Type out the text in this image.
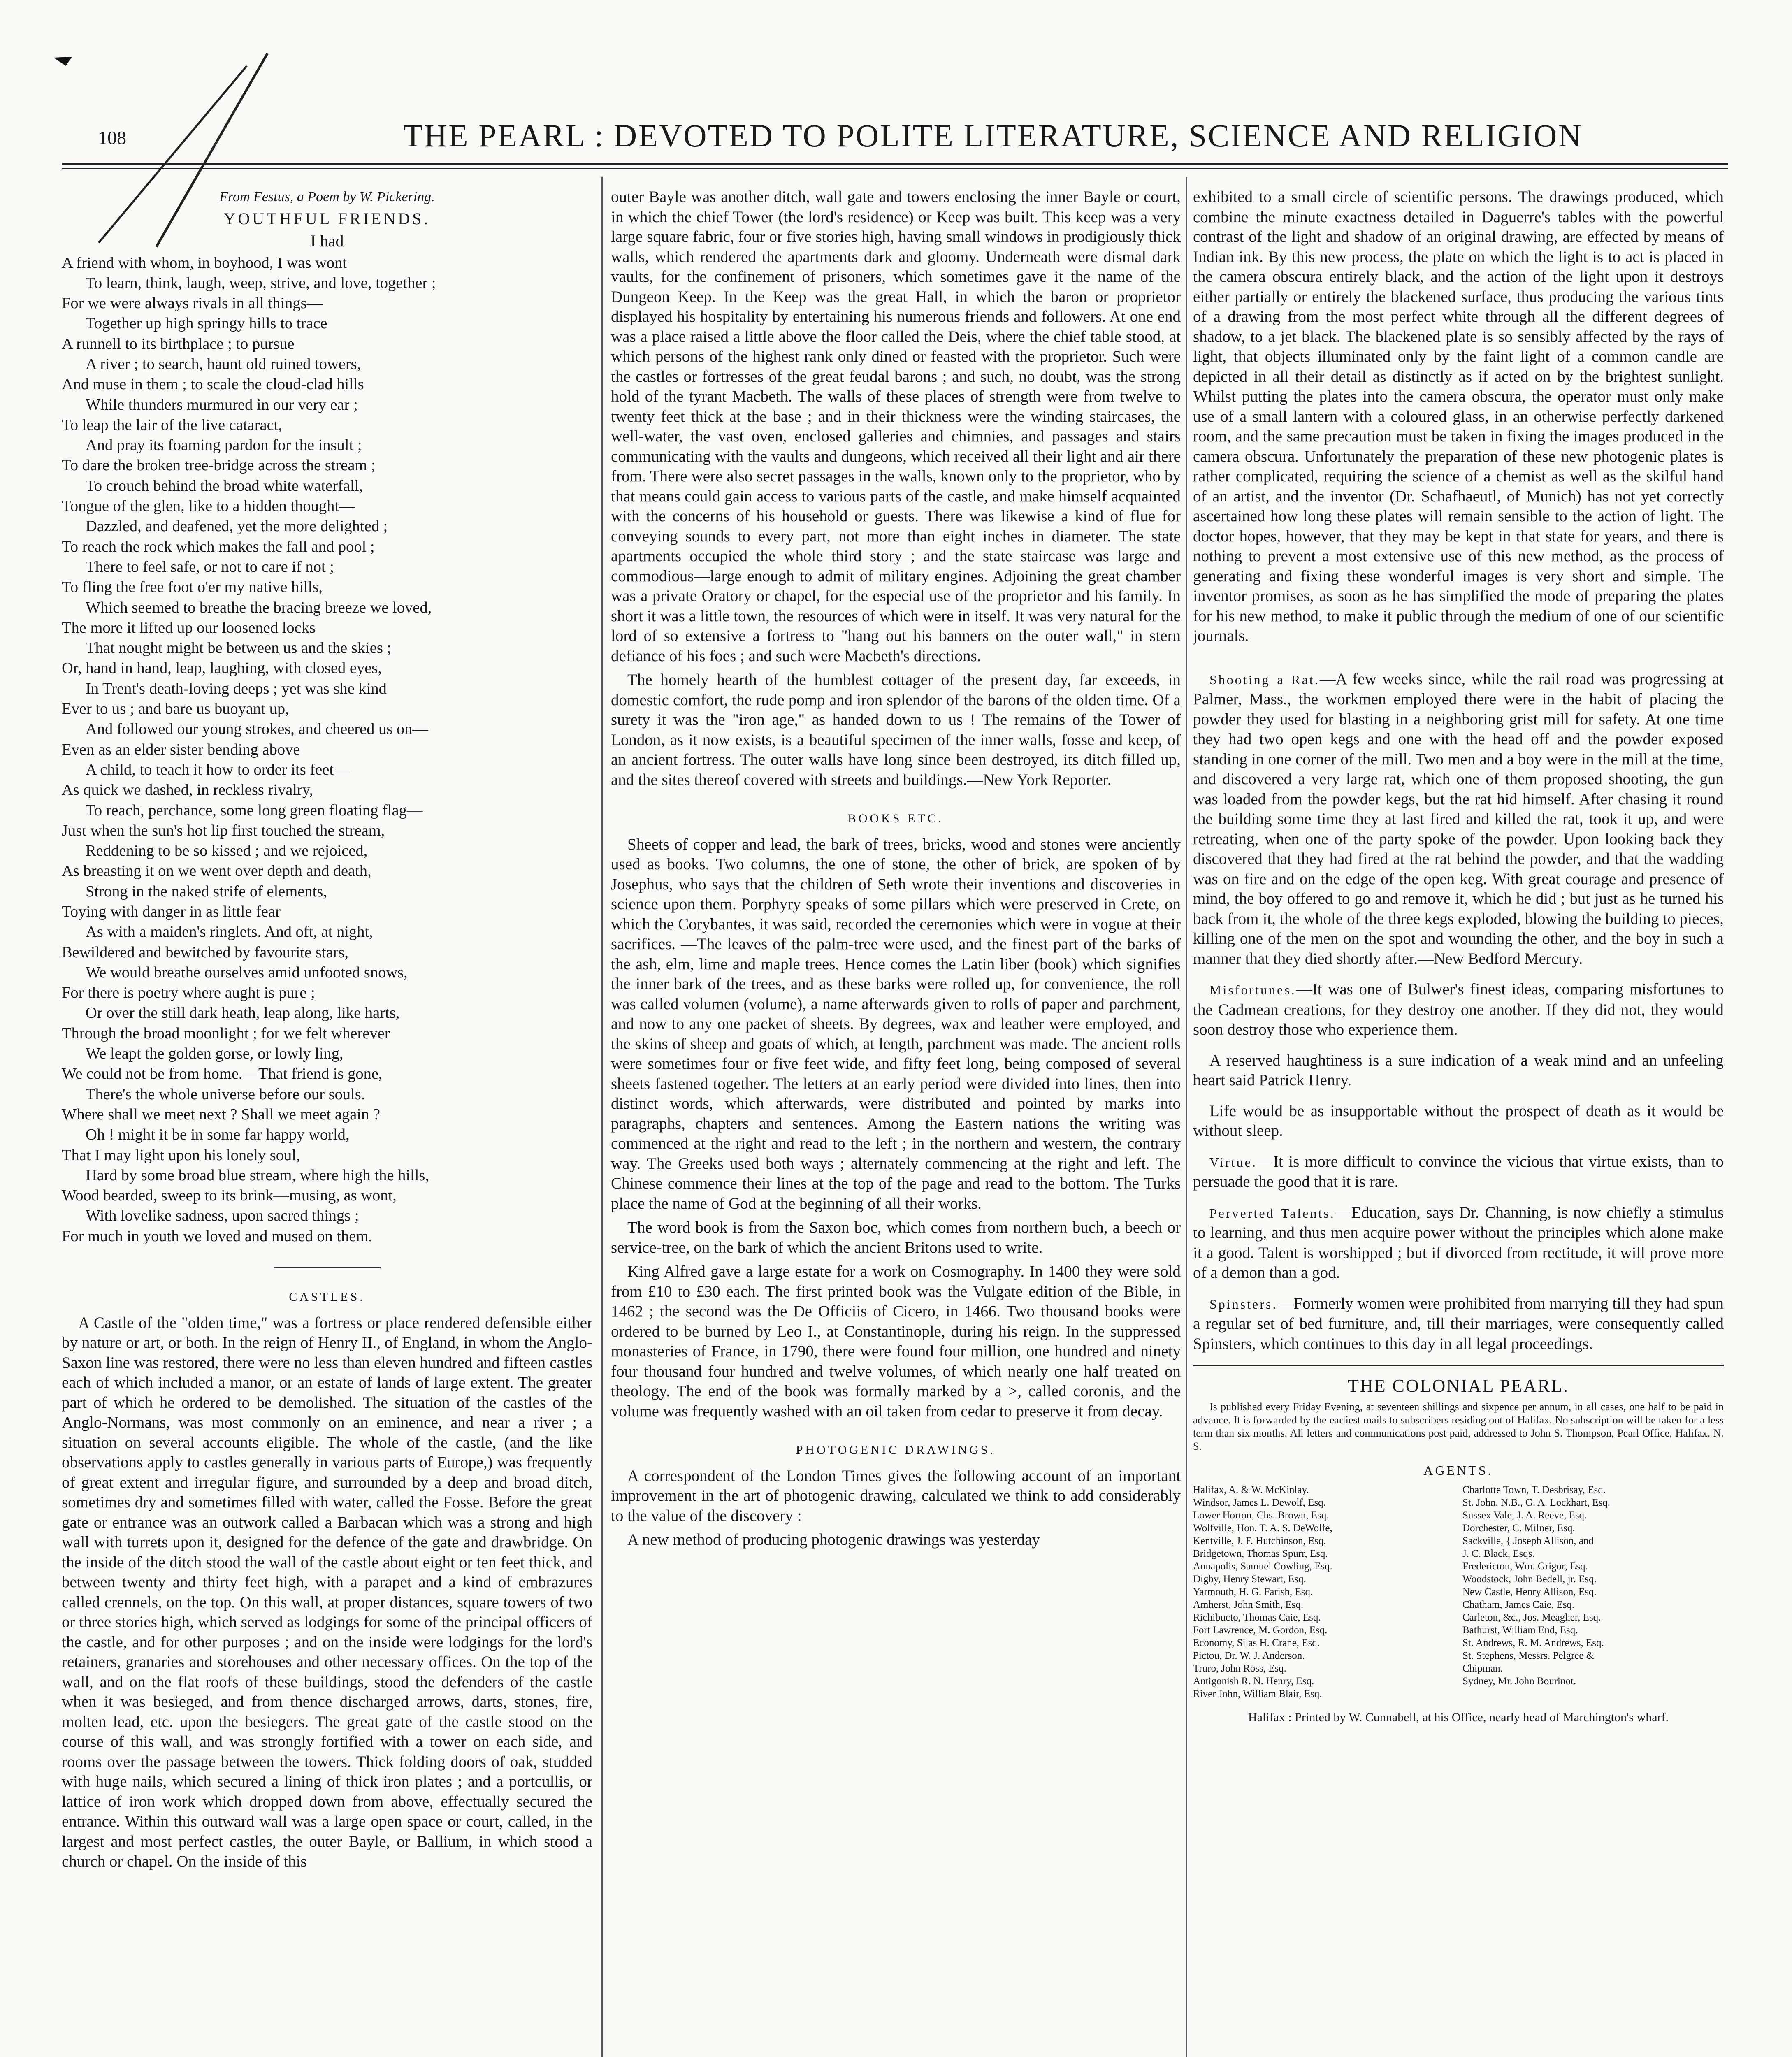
108	THE PEARL : DEVOTED TO POLITE LITERATURE, SCIENCE AND RELIGION
From Festus, a Poem by W. Pickering.
YOUTHFUL FRIENDS.
I had
A friend with whom, in boyhood, I was wont
To learn, think, laugh, weep, strive, and love, together ;
For we were always rivals in all things—
Together up high springy hills to trace
A runnell to its birthplace ; to pursue
A river ; to search, haunt old ruined towers,
And muse in them ; to scale the cloud-clad hills
While thunders murmured in our very ear ;
To leap the lair of the live cataract,
And pray its foaming pardon for the insult ;
To dare the broken tree-bridge across the stream ;
To crouch behind the broad white waterfall,
Tongue of the glen, like to a hidden thought—
Dazzled, and deafened, yet the more delighted ;
To reach the rock which makes the fall and pool ;
There to feel safe, or not to care if not ;
To fling the free foot o'er my native hills,
Which seemed to breathe the bracing breeze we loved,
The more it lifted up our loosened locks
That nought might be between us and the skies ;
Or, hand in hand, leap, laughing, with closed eyes,
In Trent's death-loving deeps ; yet was she kind
Ever to us ; and bare us buoyant up,
And followed our young strokes, and cheered us on—
Even as an elder sister bending above
A child, to teach it how to order its feet—
As quick we dashed, in reckless rivalry,
To reach, perchance, some long green floating flag—
Just when the sun's hot lip first touched the stream,
Reddening to be so kissed ; and we rejoiced,
As breasting it on we went over depth and death,
Strong in the naked strife of elements,
Toying with danger in as little fear
As with a maiden's ringlets. And oft, at night,
Bewildered and bewitched by favourite stars,
We would breathe ourselves amid unfooted snows,
For there is poetry where aught is pure ;
Or over the still dark heath, leap along, like harts,
Through the broad moonlight ; for we felt wherever
We leapt the golden gorse, or lowly ling,
We could not be from home.—That friend is gone,
There's the whole universe before our souls.
Where shall we meet next ? Shall we meet again ?
Oh ! might it be in some far happy world,
That I may light upon his lonely soul,
Hard by some broad blue stream, where high the hills,
Wood bearded, sweep to its brink—musing, as wont,
With lovelike sadness, upon sacred things ;
For much in youth we loved and mused on them.
CASTLES.

A Castle of the "olden time," was a fortress or place rendered defensible either by nature or art, or both. In the reign of Henry II., of England, in whom the Anglo-Saxon line was restored, there were no less than eleven hundred and fifteen castles each of which included a manor, or an estate of lands of large extent. The greater part of which he ordered to be demolished. The situation of the castles of the Anglo-Normans, was most commonly on an eminence, and near a river ; a situation on several accounts eligible. The whole of the castle, (and the like observations apply to castles generally in various parts of Europe,) was frequently of great extent and irregular figure, and surrounded by a deep and broad ditch, sometimes dry and sometimes filled with water, called the Fosse. Before the great gate or entrance was an outwork called a Barbacan which was a strong and high wall with turrets upon it, designed for the defence of the gate and drawbridge. On the inside of the ditch stood the wall of the castle about eight or ten feet thick, and between twenty and thirty feet high, with a parapet and a kind of embrazures called crennels, on the top. On this wall, at proper distances, square towers of two or three stories high, which served as lodgings for some of the principal officers of the castle, and for other purposes ; and on the inside were lodgings for the lord's retainers, granaries and storehouses and other necessary offices. On the top of the wall, and on the flat roofs of these buildings, stood the defenders of the castle when it was besieged, and from thence discharged arrows, darts, stones, fire, molten lead, etc. upon the besiegers. The great gate of the castle stood on the course of this wall, and was strongly fortified with a tower on each side, and rooms over the passage between the towers. Thick folding doors of oak, studded with huge nails, which secured a lining of thick iron plates ; and a portcullis, or lattice of iron work which dropped down from above, effectually secured the entrance. Within this outward wall was a large open space or court, called, in the largest and most perfect castles, the outer Bayle, or Ballium, in which stood a church or chapel. On the inside of this

outer Bayle was another ditch, wall gate and towers enclosing the inner Bayle or court, in which the chief Tower (the lord's residence) or Keep was built. This keep was a very large square fabric, four or five stories high, having small windows in prodigiously thick walls, which rendered the apartments dark and gloomy. Underneath were dismal dark vaults, for the confinement of prisoners, which sometimes gave it the name of the Dungeon Keep. In the Keep was the great Hall, in which the baron or proprietor displayed his hospitality by entertaining his numerous friends and followers. At one end was a place raised a little above the floor called the Deis, where the chief table stood, at which persons of the highest rank only dined or feasted with the proprietor. Such were the castles or fortresses of the great feudal barons ; and such, no doubt, was the strong hold of the tyrant Macbeth. The walls of these places of strength were from twelve to twenty feet thick at the base ; and in their thickness were the winding staircases, the well-water, the vast oven, enclosed galleries and chimnies, and passages and stairs communicating with the vaults and dungeons, which received all their light and air there from. There were also secret passages in the walls, known only to the proprietor, who by that means could gain access to various parts of the castle, and make himself acquainted with the concerns of his household or guests. There was likewise a kind of flue for conveying sounds to every part, not more than eight inches in diameter. The state apartments occupied the whole third story ; and the state staircase was large and commodious—large enough to admit of military engines. Adjoining the great chamber was a private Oratory or chapel, for the especial use of the proprietor and his family. In short it was a little town, the resources of which were in itself. It was very natural for the lord of so extensive a fortress to "hang out his banners on the outer wall," in stern defiance of his foes ; and such were Macbeth's directions.

The homely hearth of the humblest cottager of the present day, far exceeds, in domestic comfort, the rude pomp and iron splendor of the barons of the olden time. Of a surety it was the "iron age," as handed down to us ! The remains of the Tower of London, as it now exists, is a beautiful specimen of the inner walls, fosse and keep, of an ancient fortress. The outer walls have long since been destroyed, its ditch filled up, and the sites thereof covered with streets and buildings.—New York Reporter.

BOOKS ETC.

Sheets of copper and lead, the bark of trees, bricks, wood and stones were anciently used as books. Two columns, the one of stone, the other of brick, are spoken of by Josephus, who says that the children of Seth wrote their inventions and discoveries in science upon them. Porphyry speaks of some pillars which were preserved in Crete, on which the Corybantes, it was said, recorded the ceremonies which were in vogue at their sacrifices. —The leaves of the palm-tree were used, and the finest part of the barks of the ash, elm, lime and maple trees. Hence comes the Latin liber (book) which signifies the inner bark of the trees, and as these barks were rolled up, for convenience, the roll was called volumen (volume), a name afterwards given to rolls of paper and parchment, and now to any one packet of sheets. By degrees, wax and leather were employed, and the skins of sheep and goats of which, at length, parchment was made. The ancient rolls were sometimes four or five feet wide, and fifty feet long, being composed of several sheets fastened together. The letters at an early period were divided into lines, then into distinct words, which afterwards, were distributed and pointed by marks into paragraphs, chapters and sentences. Among the Eastern nations the writing was commenced at the right and read to the left ; in the northern and western, the contrary way. The Greeks used both ways ; alternately commencing at the right and left. The Chinese commence their lines at the top of the page and read to the bottom. The Turks place the name of God at the beginning of all their works.

The word book is from the Saxon boc, which comes from northern buch, a beech or service-tree, on the bark of which the ancient Britons used to write.

King Alfred gave a large estate for a work on Cosmography. In 1400 they were sold from £10 to £30 each. The first printed book was the Vulgate edition of the Bible, in 1462 ; the second was the De Officiis of Cicero, in 1466. Two thousand books were ordered to be burned by Leo I., at Constantinople, during his reign. In the suppressed monasteries of France, in 1790, there were found four million, one hundred and ninety four thousand four hundred and twelve volumes, of which nearly one half treated on theology. The end of the book was formally marked by a >, called coronis, and the volume was frequently washed with an oil taken from cedar to preserve it from decay.

PHOTOGENIC DRAWINGS.

A correspondent of the London Times gives the following account of an important improvement in the art of photogenic drawing, calculated we think to add considerably to the value of the discovery :

A new method of producing photogenic drawings was yesterday

exhibited to a small circle of scientific persons. The drawings produced, which combine the minute exactness detailed in Daguerre's tables with the powerful contrast of the light and shadow of an original drawing, are effected by means of Indian ink. By this new process, the plate on which the light is to act is placed in the camera obscura entirely black, and the action of the light upon it destroys either partially or entirely the blackened surface, thus producing the various tints of a drawing from the most perfect white through all the different degrees of shadow, to a jet black. The blackened plate is so sensibly affected by the rays of light, that objects illuminated only by the faint light of a common candle are depicted in all their detail as distinctly as if acted on by the brightest sunlight. Whilst putting the plates into the camera obscura, the operator must only make use of a small lantern with a coloured glass, in an otherwise perfectly darkened room, and the same precaution must be taken in fixing the images produced in the camera obscura. Unfortunately the preparation of these new photogenic plates is rather complicated, requiring the science of a chemist as well as the skilful hand of an artist, and the inventor (Dr. Schafhaeutl, of Munich) has not yet correctly ascertained how long these plates will remain sensible to the action of light. The doctor hopes, however, that they may be kept in that state for years, and there is nothing to prevent a most extensive use of this new method, as the process of generating and fixing these wonderful images is very short and simple. The inventor promises, as soon as he has simplified the mode of preparing the plates for his new method, to make it public through the medium of one of our scientific journals.

Shooting a Rat.—A few weeks since, while the rail road was progressing at Palmer, Mass., the workmen employed there were in the habit of placing the powder they used for blasting in a neighboring grist mill for safety. At one time they had two open kegs and one with the head off and the powder exposed standing in one corner of the mill. Two men and a boy were in the mill at the time, and discovered a very large rat, which one of them proposed shooting, the gun was loaded from the powder kegs, but the rat hid himself. After chasing it round the building some time they at last fired and killed the rat, took it up, and were retreating, when one of the party spoke of the powder. Upon looking back they discovered that they had fired at the rat behind the powder, and that the wadding was on fire and on the edge of the open keg. With great courage and presence of mind, the boy offered to go and remove it, which he did ; but just as he turned his back from it, the whole of the three kegs exploded, blowing the building to pieces, killing one of the men on the spot and wounding the other, and the boy in such a manner that they died shortly after.—New Bedford Mercury.

Misfortunes.—It was one of Bulwer's finest ideas, comparing misfortunes to the Cadmean creations, for they destroy one another. If they did not, they would soon destroy those who experience them.

A reserved haughtiness is a sure indication of a weak mind and an unfeeling heart said Patrick Henry.

Life would be as insupportable without the prospect of death as it would be without sleep.

Virtue.—It is more difficult to convince the vicious that virtue exists, than to persuade the good that it is rare.

Perverted Talents.—Education, says Dr. Channing, is now chiefly a stimulus to learning, and thus men acquire power without the principles which alone make it a good. Talent is worshipped ; but if divorced from rectitude, it will prove more of a demon than a god.

Spinsters.—Formerly women were prohibited from marrying till they had spun a regular set of bed furniture, and, till their marriages, were consequently called Spinsters, which continues to this day in all legal proceedings.

THE COLONIAL PEARL.

Is published every Friday Evening, at seventeen shillings and sixpence per annum, in all cases, one half to be paid in advance. It is forwarded by the earliest mails to subscribers residing out of Halifax. No subscription will be taken for a less term than six months. All letters and communications post paid, addressed to John S. Thompson, Pearl Office, Halifax. N. S.

AGENTS.
Halifax, A. & W. McKinlay.
Windsor, James L. Dewolf, Esq.
Lower Horton, Chs. Brown, Esq.
Wolfville, Hon. T. A. S. DeWolfe,
Kentville, J. F. Hutchinson, Esq.
Bridgetown, Thomas Spurr, Esq.
Annapolis, Samuel Cowling, Esq.
Digby, Henry Stewart, Esq.
Yarmouth, H. G. Farish, Esq.
Amherst, John Smith, Esq.
Richibucto, Thomas Caie, Esq.
Fort Lawrence, M. Gordon, Esq.
Economy, Silas H. Crane, Esq.
Pictou, Dr. W. J. Anderson.
Truro, John Ross, Esq.
Antigonish R. N. Henry, Esq.
River John, William Blair, Esq.
Charlotte Town, T. Desbrisay, Esq.
St. John, N.B., G. A. Lockhart, Esq.
Sussex Vale, J. A. Reeve, Esq.
Dorchester, C. Milner, Esq.
Sackville, { Joseph Allison, and
J. C. Black, Esqs.
Fredericton, Wm. Grigor, Esq.
Woodstock, John Bedell, jr. Esq.
New Castle, Henry Allison, Esq.
Chatham, James Caie, Esq.
Carleton, &c., Jos. Meagher, Esq.
Bathurst, William End, Esq.
St. Andrews, R. M. Andrews, Esq.
St. Stephens, Messrs. Pelgree &
Chipman.
Sydney, Mr. John Bourinot.
Halifax : Printed by W. Cunnabell, at his Office, nearly head of Marchington's wharf.
